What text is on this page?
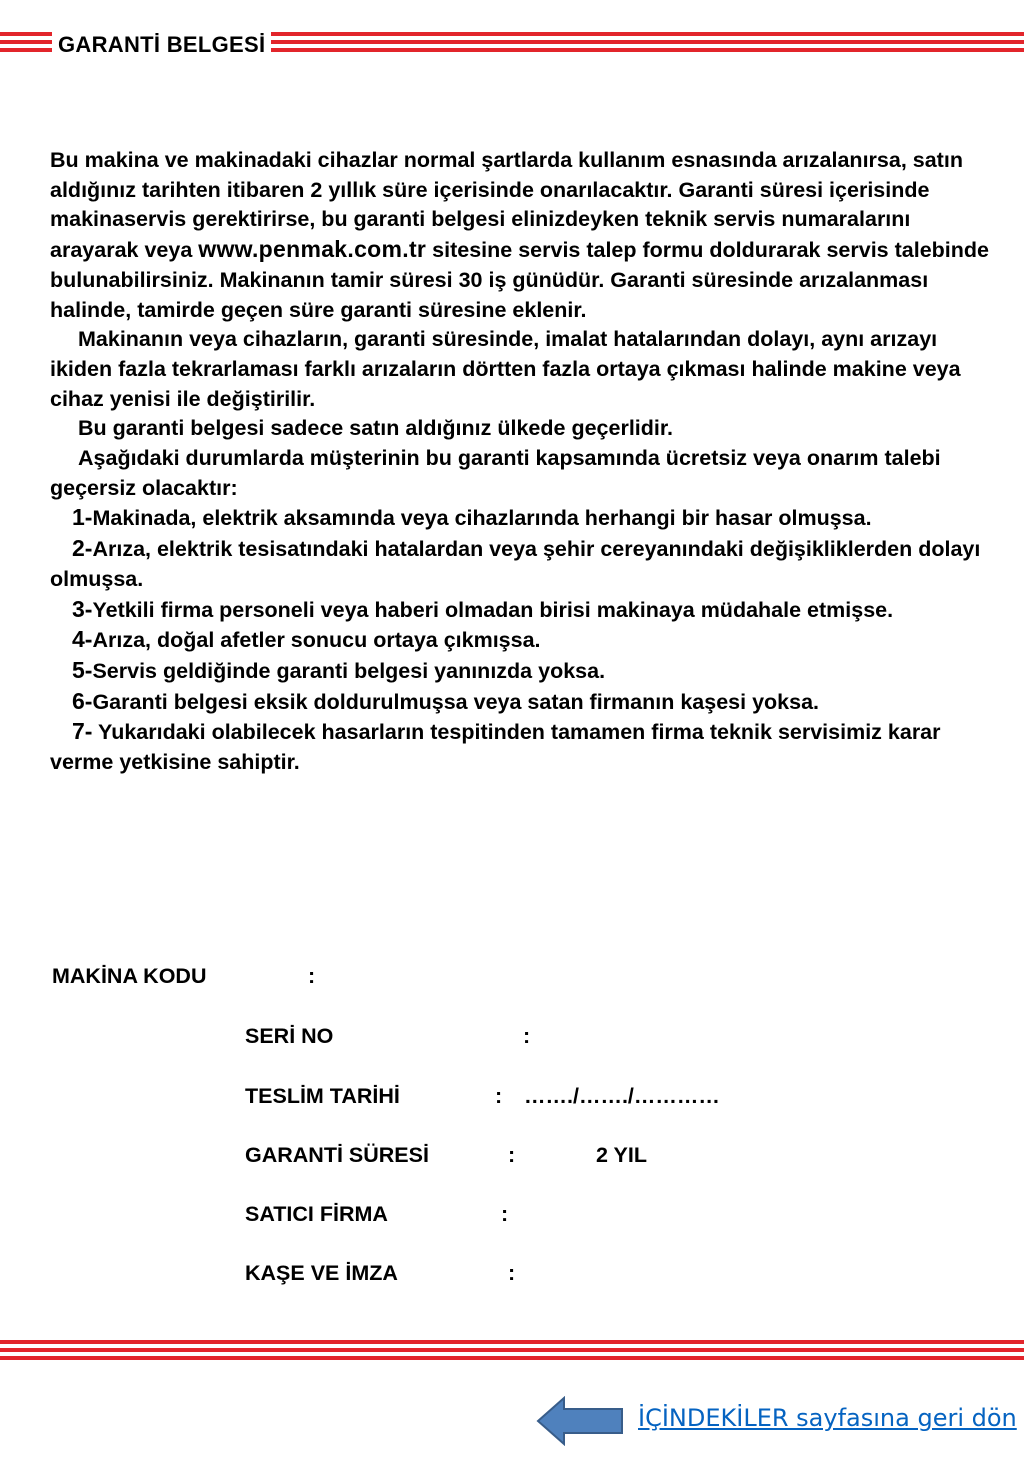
GARANTİ BELGESİ

Bu makina ve makinadaki cihazlar normal şartlarda kullanım esnasında arızalanırsa, satın aldığınız tarihten itibaren 2 yıllık süre içerisinde onarılacaktır. Garanti süresi içerisinde makinaservis gerektirirse, bu garanti belgesi elinizdeyken teknik servis numaralarını arayarak veya www.penmak.com.tr sitesine servis talep formu doldurarak servis talebinde bulunabilirsiniz. Makinanın tamir süresi 30 iş günüdür. Garanti süresinde arızalanması halinde, tamirde geçen süre garanti süresine eklenir.

Makinanın veya cihazların, garanti süresinde, imalat hatalarından dolayı, aynı arızayı ikiden fazla tekrarlaması farklı arızaların dörtten fazla ortaya çıkması halinde makine veya cihaz yenisi ile değiştirilir.

Bu garanti belgesi sadece satın aldığınız ülkede geçerlidir.

Aşağıdaki durumlarda müşterinin bu garanti kapsamında ücretsiz veya onarım talebi geçersiz olacaktır:

1-Makinada, elektrik aksamında veya cihazlarında herhangi bir hasar olmuşsa.

2-Arıza, elektrik tesisatındaki hatalardan veya şehir cereyanındaki değişikliklerden dolayı olmuşsa.

3-Yetkili firma personeli veya haberi olmadan birisi makinaya müdahale etmişse.

4-Arıza, doğal afetler sonucu ortaya çıkmışsa.

5-Servis geldiğinde garanti belgesi yanınızda yoksa.

6-Garanti belgesi eksik doldurulmuşsa veya satan firmanın kaşesi yoksa.

7- Yukarıdaki olabilecek hasarların tespitinden tamamen firma teknik servisimiz karar verme yetkisine sahiptir.

MAKİNA KODU	:
SERİ NO	:
TESLİM TARİHİ	: ……./……./…………
GARANTİ SÜRESİ	:	2 YIL
SATICI FİRMA	:
KAŞE VE İMZA	:
İÇİNDEKİLER sayfasına geri dön
